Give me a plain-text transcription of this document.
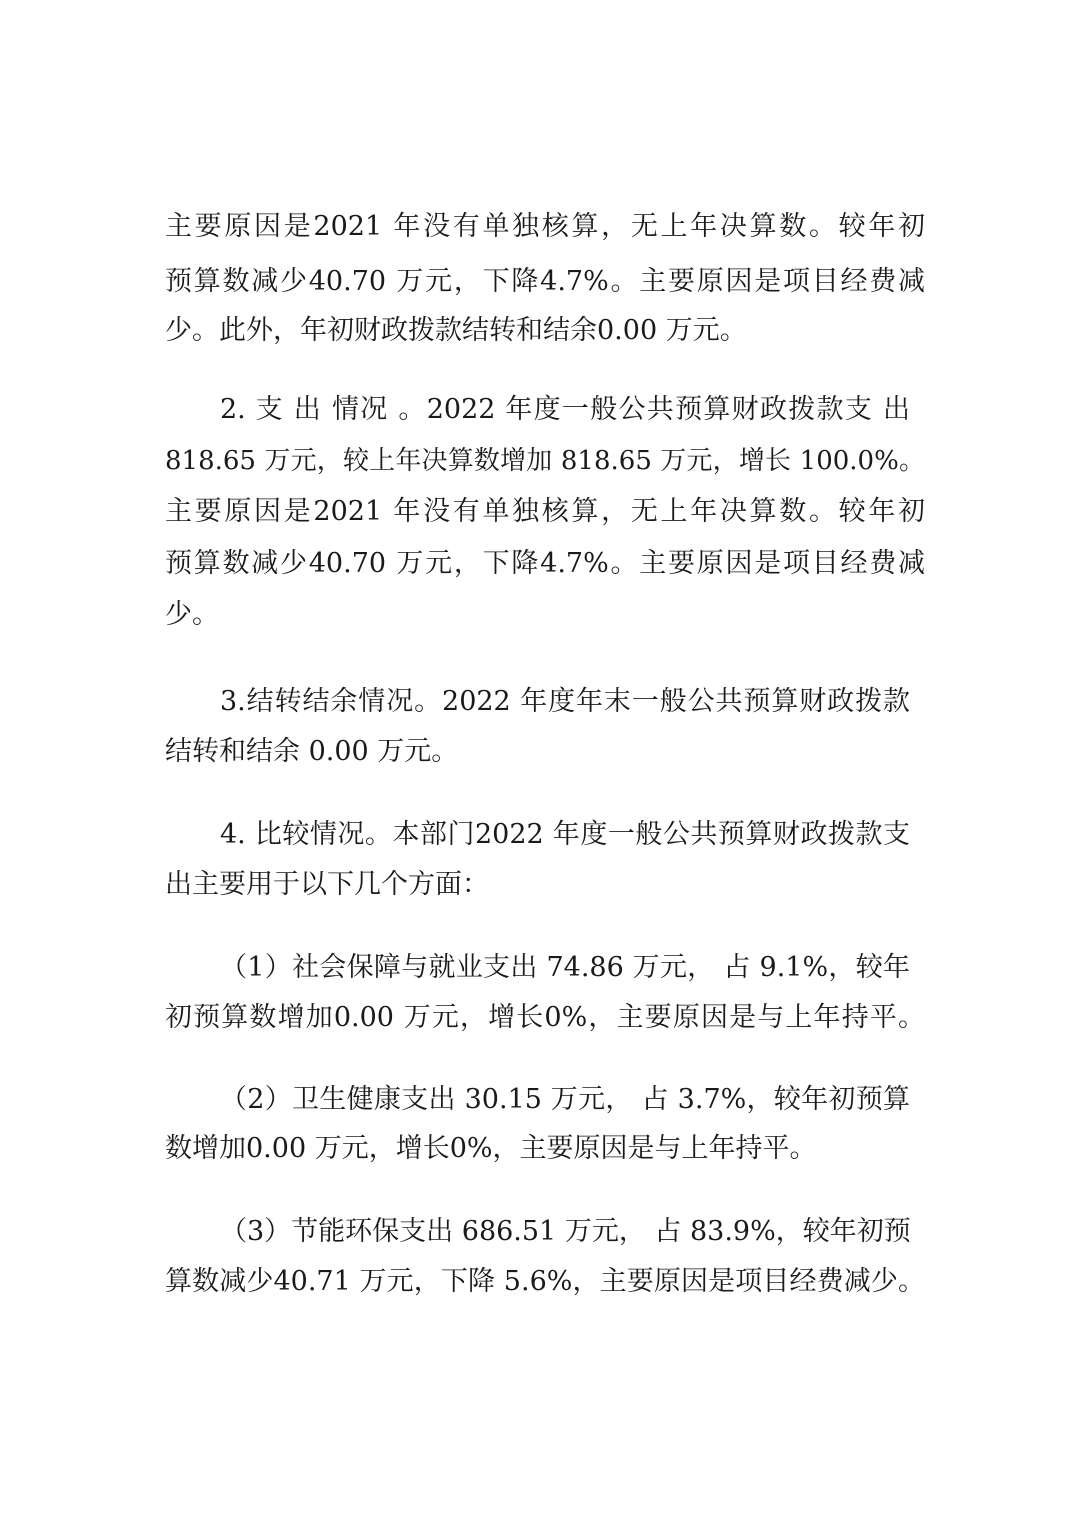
主要原因是2021 年没有单独核算，无上年决算数。较年初
预算数减少40.70 万元，下降4.7%。主要原因是项目经费减
少。此外，年初财政拨款结转和结余0.00 万元。
2. 支 出 情况 。2022 年度一般公共预算财政拨款支 出
818.65 万元，较上年决算数增加 818.65 万元，增长 100.0%。
主要原因是2021 年没有单独核算，无上年决算数。较年初
预算数减少40.70 万元，下降4.7%。主要原因是项目经费减
少。
3.结转结余情况。2022 年度年末一般公共预算财政拨款
结转和结余 0.00 万元。
4. 比较情况。本部门2022 年度一般公共预算财政拨款支
出主要用于以下几个方面：
（1）社会保障与就业支出 74.86 万元， 占 9.1%，较年
初预算数增加0.00 万元，增长0%，主要原因是与上年持平。
（2）卫生健康支出 30.15 万元， 占 3.7%，较年初预算
数增加0.00 万元，增长0%，主要原因是与上年持平。
（3）节能环保支出 686.51 万元， 占 83.9%，较年初预
算数减少40.71 万元，下降 5.6%，主要原因是项目经费减少。
